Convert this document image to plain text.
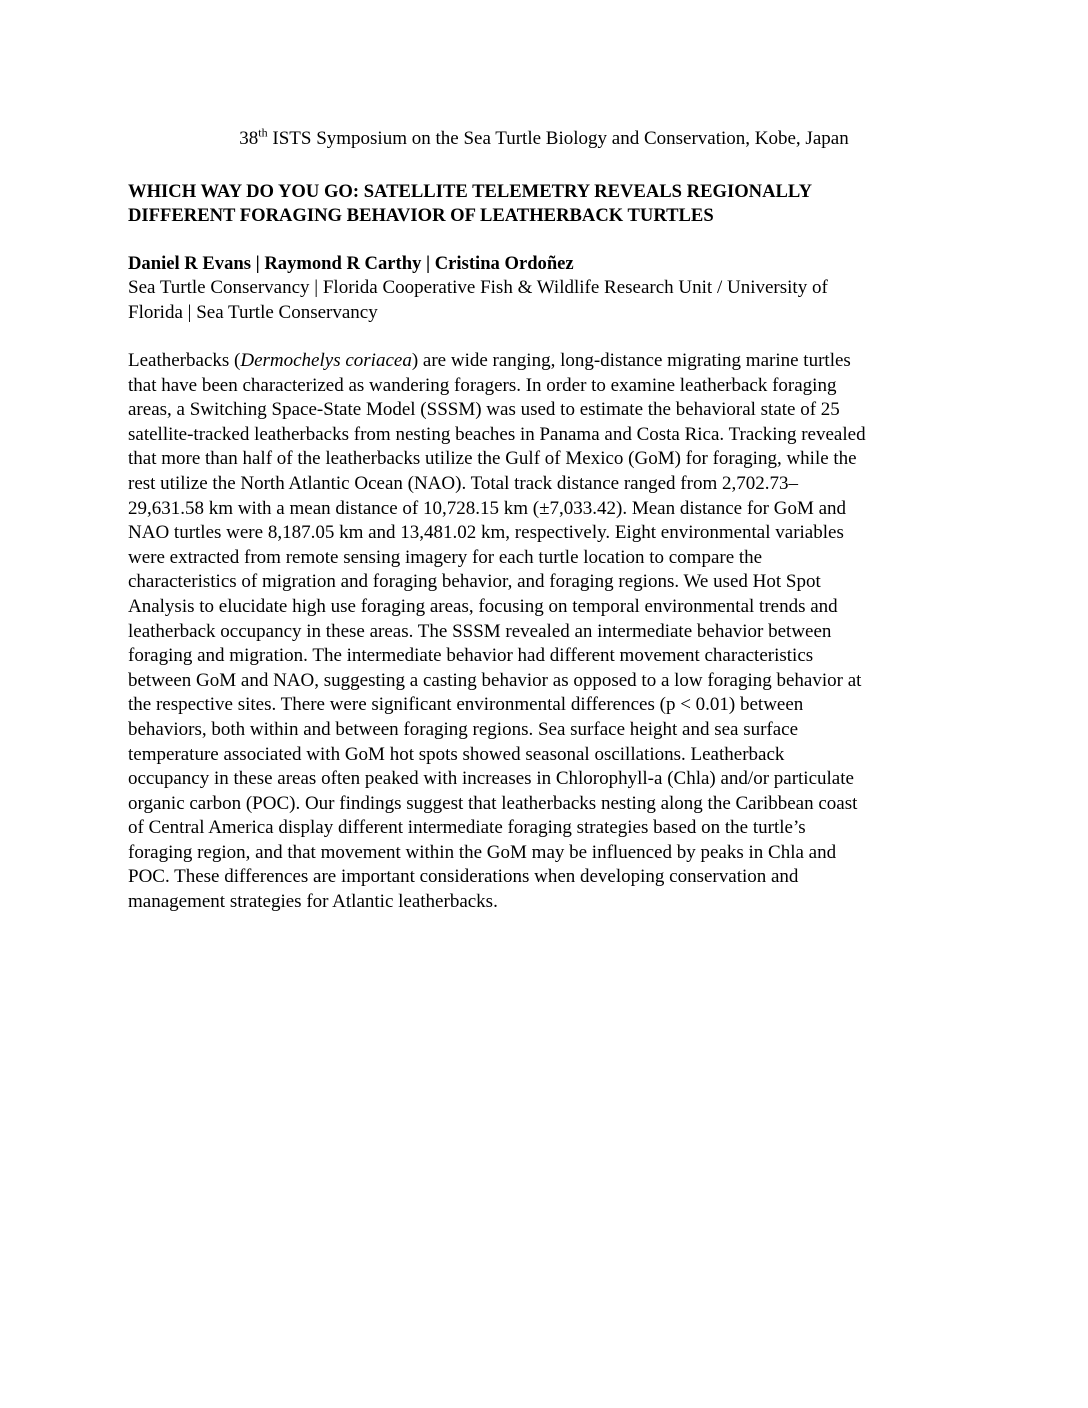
38th ISTS Symposium on the Sea Turtle Biology and Conservation, Kobe, Japan

WHICH WAY DO YOU GO: SATELLITE TELEMETRY REVEALS REGIONALLY
DIFFERENT FORAGING BEHAVIOR OF LEATHERBACK TURTLES

Daniel R Evans | Raymond R Carthy | Cristina Ordoñez

Sea Turtle Conservancy | Florida Cooperative Fish & Wildlife Research Unit / University of
Florida | Sea Turtle Conservancy

Leatherbacks (Dermochelys coriacea) are wide ranging, long-distance migrating marine turtles
that have been characterized as wandering foragers. In order to examine leatherback foraging
areas, a Switching Space-State Model (SSSM) was used to estimate the behavioral state of 25
satellite-tracked leatherbacks from nesting beaches in Panama and Costa Rica. Tracking revealed
that more than half of the leatherbacks utilize the Gulf of Mexico (GoM) for foraging, while the
rest utilize the North Atlantic Ocean (NAO). Total track distance ranged from 2,702.73–
29,631.58 km with a mean distance of 10,728.15 km (±7,033.42). Mean distance for GoM and
NAO turtles were 8,187.05 km and 13,481.02 km, respectively. Eight environmental variables
were extracted from remote sensing imagery for each turtle location to compare the
characteristics of migration and foraging behavior, and foraging regions. We used Hot Spot
Analysis to elucidate high use foraging areas, focusing on temporal environmental trends and
leatherback occupancy in these areas. The SSSM revealed an intermediate behavior between
foraging and migration. The intermediate behavior had different movement characteristics
between GoM and NAO, suggesting a casting behavior as opposed to a low foraging behavior at
the respective sites. There were significant environmental differences (p < 0.01) between
behaviors, both within and between foraging regions. Sea surface height and sea surface
temperature associated with GoM hot spots showed seasonal oscillations. Leatherback
occupancy in these areas often peaked with increases in Chlorophyll-a (Chla) and/or particulate
organic carbon (POC). Our findings suggest that leatherbacks nesting along the Caribbean coast
of Central America display different intermediate foraging strategies based on the turtle’s
foraging region, and that movement within the GoM may be influenced by peaks in Chla and
POC. These differences are important considerations when developing conservation and
management strategies for Atlantic leatherbacks.
